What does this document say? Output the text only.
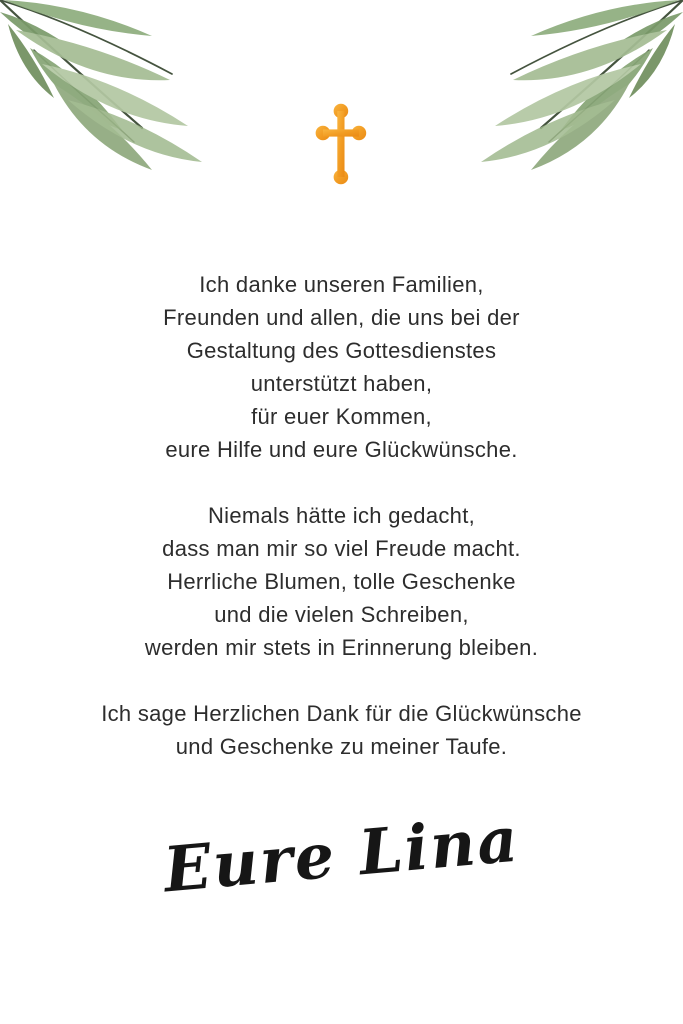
Ich danke unseren Familien,
Freunden und allen, die uns bei der
Gestaltung des Gottesdienstes
unterstützt haben,
für euer Kommen,
eure Hilfe und eure Glückwünsche.

Niemals hätte ich gedacht,
dass man mir so viel Freude macht.
Herrliche Blumen, tolle Geschenke
und die vielen Schreiben,
werden mir stets in Erinnerung bleiben.

Ich sage Herzlichen Dank für die Glückwünsche
und Geschenke zu meiner Taufe.

Eure Lina
